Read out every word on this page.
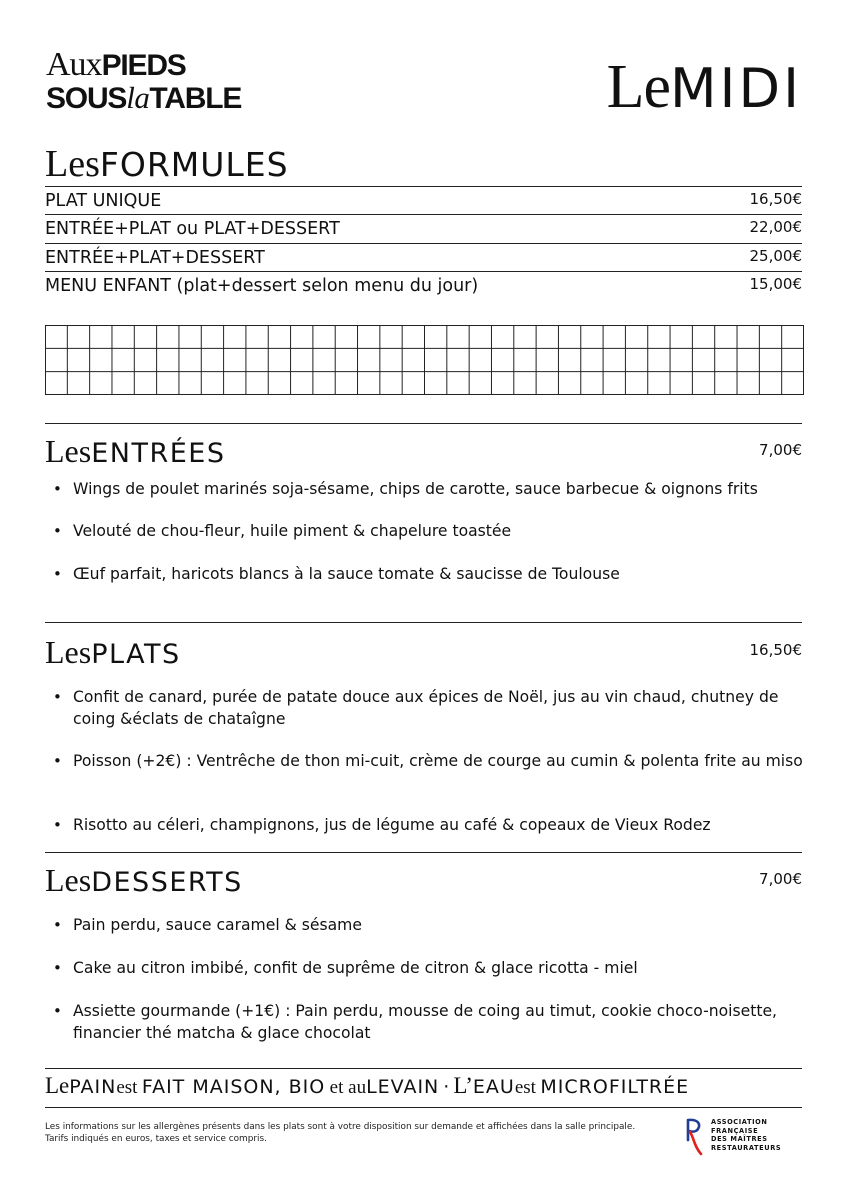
AuxPIEDS
SOUSlaTABLE	LeMIDI
LesFORMULES
PLAT UNIQUE	16,50€
ENTRÉE+PLAT ou PLAT+DESSERT	22,00€
ENTRÉE+PLAT+DESSERT	25,00€
MENU ENFANT (plat+dessert selon menu du jour)	15,00€
LesENTRÉES	7,00€
• Wings de poulet marinés soja-sésame, chips de carotte, sauce barbecue & oignons frits
• Velouté de chou-fleur, huile piment & chapelure toastée
• Œuf parfait, haricots blancs à la sauce tomate & saucisse de Toulouse
LesPLATS	16,50€
• Confit de canard, purée de patate douce aux épices de Noël, jus au vin chaud, chutney de coing &éclats de chataîgne
• Poisson (+2€) : Ventrêche de thon mi-cuit, crème de courge au cumin & polenta frite au miso
• Risotto au céleri, champignons, jus de légume au café & copeaux de Vieux Rodez
LesDESSERTS	7,00€
• Pain perdu, sauce caramel & sésame
• Cake au citron imbibé, confit de suprême de citron & glace ricotta - miel
• Assiette gourmande (+1€) : Pain perdu, mousse de coing au timut, cookie choco-noisette, financier thé matcha & glace chocolat
LePAINest FAIT MAISON, BIO et auLEVAIN · L’EAUest MICROFILTRÉE
Les informations sur les allergènes présents dans les plats sont à votre disposition sur demande et affichées dans la salle principale.
Tarifs indiqués en euros, taxes et service compris.
ASSOCIATION
FRANÇAISE
DES MAÎTRES
RESTAURATEURS
